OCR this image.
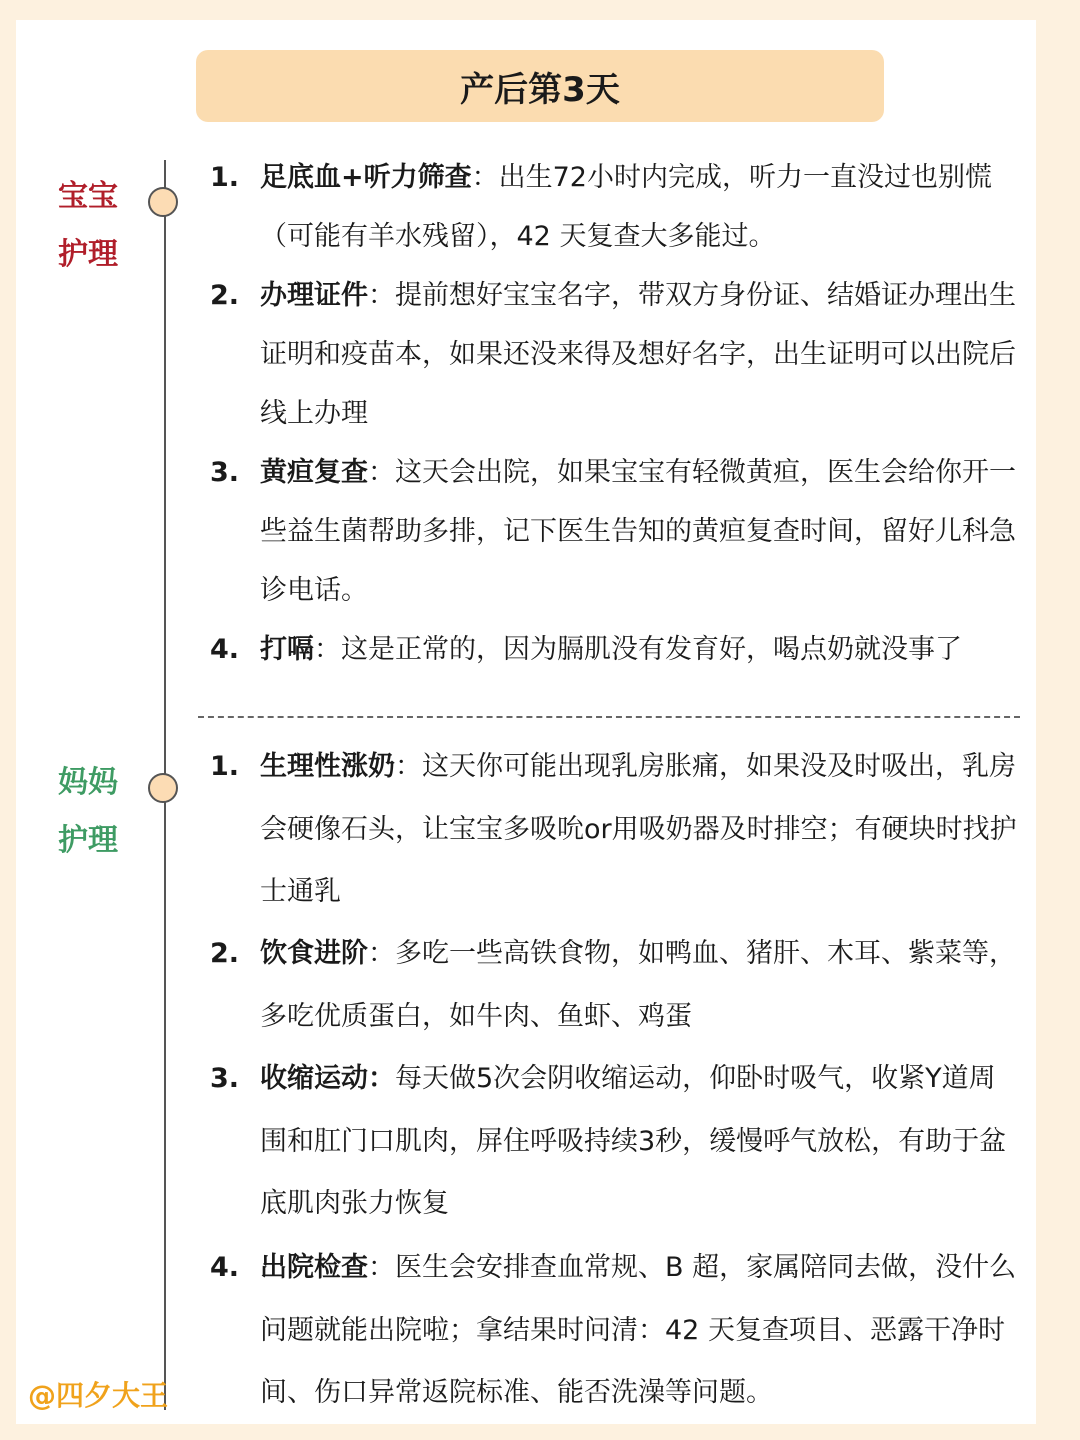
产后第3天
宝宝
护理
妈妈
护理
1. 足底血+听力筛查：出生72小时内完成，听力一直没过也别慌（可能有羊水残留），42 天复查大多能过。
2. 办理证件：提前想好宝宝名字，带双方身份证、结婚证办理出生证明和疫苗本，如果还没来得及想好名字，出生证明可以出院后线上办理
3. 黄疸复查：这天会出院，如果宝宝有轻微黄疸，医生会给你开一些益生菌帮助多排，记下医生告知的黄疸复查时间，留好儿科急诊电话。
4. 打嗝：这是正常的，因为膈肌没有发育好，喝点奶就没事了
1. 生理性涨奶：这天你可能出现乳房胀痛，如果没及时吸出，乳房会硬像石头，让宝宝多吸吮or用吸奶器及时排空；有硬块时找护士通乳
2. 饮食进阶：多吃一些高铁食物，如鸭血、猪肝、木耳、紫菜等，多吃优质蛋白，如牛肉、鱼虾、鸡蛋
3. 收缩运动：每天做5次会阴收缩运动，仰卧时吸气，收紧Y道周围和肛门口肌肉，屏住呼吸持续3秒，缓慢呼气放松，有助于盆底肌肉张力恢复
4. 出院检查：医生会安排查血常规、B 超，家属陪同去做，没什么问题就能出院啦；拿结果时问清：42 天复查项目、恶露干净时间、伤口异常返院标准、能否洗澡等问题。
@四夕大王
